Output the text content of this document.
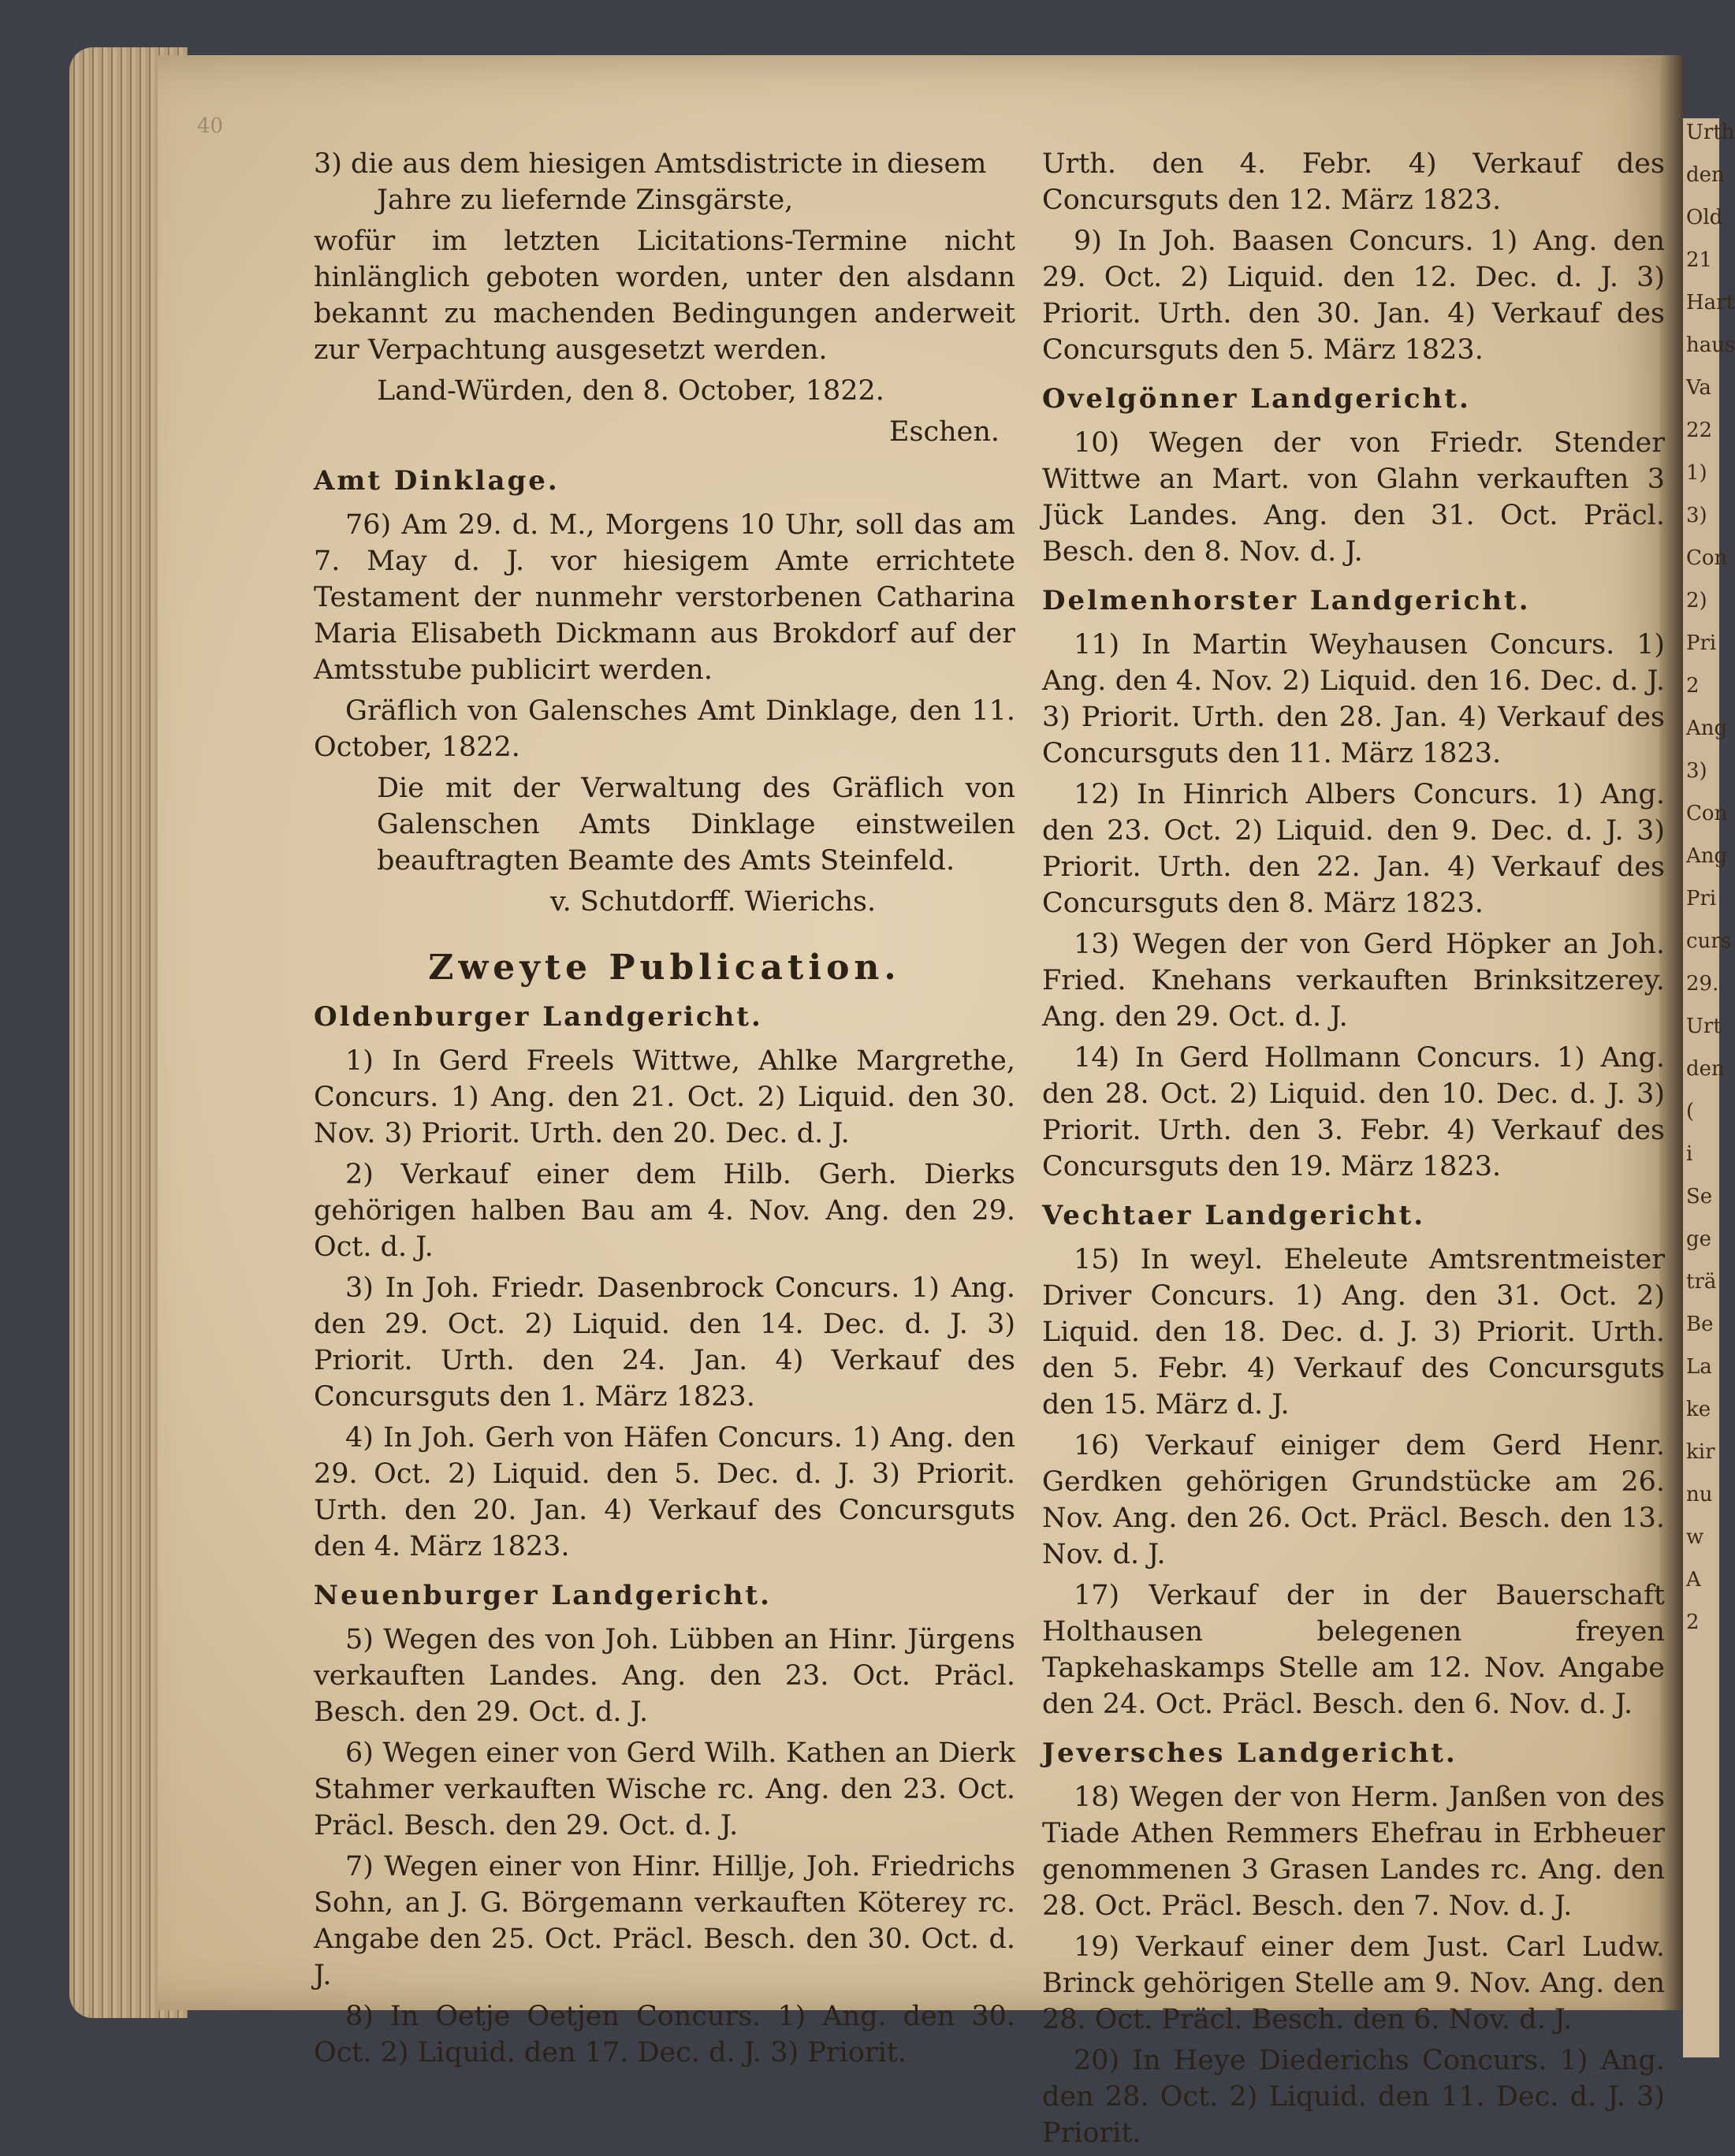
Urth
den
Old
21
Hart
haus
Va
22
1)
3)
Con
2)
Pri
2
Ang
3)
Con
Ang
Pri
curs
29.
Urt
den
(
i
Se
ge
trä
Be
La
ke
kir
nu
w
A
2
40
3) die aus dem hiesigen Amtsdistricte in diesem
Jahre zu liefernde Zinsgärste,
wofür im letzten Licitations-Termine nicht hinlänglich geboten worden, unter den alsdann bekannt zu machenden Bedingungen anderweit zur Verpachtung ausgesetzt werden.
Land-Würden, den 8. October, 1822.
Eschen.
Amt Dinklage.
76) Am 29. d. M., Morgens 10 Uhr, soll das am 7. May d. J. vor hiesigem Amte errichtete Testament der nunmehr verstorbenen Catharina Maria Elisabeth Dickmann aus Brokdorf auf der Amtsstube publicirt werden.
Gräflich von Galensches Amt Dinklage, den 11. October, 1822.
Die mit der Verwaltung des Gräflich von Galenschen Amts Dinklage einstweilen beauftragten Beamte des Amts Steinfeld.
v. Schutdorff. Wierichs.
Zweyte Publication.
Oldenburger Landgericht.
1) In Gerd Freels Wittwe, Ahlke Margrethe, Concurs. 1) Ang. den 21. Oct. 2) Liquid. den 30. Nov. 3) Priorit. Urth. den 20. Dec. d. J.
2) Verkauf einer dem Hilb. Gerh. Dierks gehörigen halben Bau am 4. Nov. Ang. den 29. Oct. d. J.
3) In Joh. Friedr. Dasenbrock Concurs. 1) Ang. den 29. Oct. 2) Liquid. den 14. Dec. d. J. 3) Priorit. Urth. den 24. Jan. 4) Verkauf des Concursguts den 1. März 1823.
4) In Joh. Gerh von Häfen Concurs. 1) Ang. den 29. Oct. 2) Liquid. den 5. Dec. d. J. 3) Priorit. Urth. den 20. Jan. 4) Verkauf des Concursguts den 4. März 1823.
Neuenburger Landgericht.
5) Wegen des von Joh. Lübben an Hinr. Jürgens verkauften Landes. Ang. den 23. Oct. Präcl. Besch. den 29. Oct. d. J.
6) Wegen einer von Gerd Wilh. Kathen an Dierk Stahmer verkauften Wische rc. Ang. den 23. Oct. Präcl. Besch. den 29. Oct. d. J.
7) Wegen einer von Hinr. Hillje, Joh. Friedrichs Sohn, an J. G. Börgemann verkauften Köterey rc. Angabe den 25. Oct. Präcl. Besch. den 30. Oct. d. J.
8) In Oetje Oetjen Concurs. 1) Ang. den 30. Oct. 2) Liquid. den 17. Dec. d. J. 3) Priorit.
Urth. den 4. Febr. 4) Verkauf des Concursguts den 12. März 1823.
9) In Joh. Baasen Concurs. 1) Ang. den 29. Oct. 2) Liquid. den 12. Dec. d. J. 3) Priorit. Urth. den 30. Jan. 4) Verkauf des Concursguts den 5. März 1823.
Ovelgönner Landgericht.
10) Wegen der von Friedr. Stender Wittwe an Mart. von Glahn verkauften 3 Jück Landes. Ang. den 31. Oct. Präcl. Besch. den 8. Nov. d. J.
Delmenhorster Landgericht.
11) In Martin Weyhausen Concurs. 1) Ang. den 4. Nov. 2) Liquid. den 16. Dec. d. J. 3) Priorit. Urth. den 28. Jan. 4) Verkauf des Concursguts den 11. März 1823.
12) In Hinrich Albers Concurs. 1) Ang. den 23. Oct. 2) Liquid. den 9. Dec. d. J. 3) Priorit. Urth. den 22. Jan. 4) Verkauf des Concursguts den 8. März 1823.
13) Wegen der von Gerd Höpker an Joh. Fried. Knehans verkauften Brinksitzerey. Ang. den 29. Oct. d. J.
14) In Gerd Hollmann Concurs. 1) Ang. den 28. Oct. 2) Liquid. den 10. Dec. d. J. 3) Priorit. Urth. den 3. Febr. 4) Verkauf des Concursguts den 19. März 1823.
Vechtaer Landgericht.
15) In weyl. Eheleute Amtsrentmeister Driver Concurs. 1) Ang. den 31. Oct. 2) Liquid. den 18. Dec. d. J. 3) Priorit. Urth. den 5. Febr. 4) Verkauf des Concursguts den 15. März d. J.
16) Verkauf einiger dem Gerd Henr. Gerdken gehörigen Grundstücke am 26. Nov. Ang. den 26. Oct. Präcl. Besch. den 13. Nov. d. J.
17) Verkauf der in der Bauerschaft Holthausen belegenen freyen Tapkehaskamps Stelle am 12. Nov. Angabe den 24. Oct. Präcl. Besch. den 6. Nov. d. J.
Jeversches Landgericht.
18) Wegen der von Herm. Janßen von des Tiade Athen Remmers Ehefrau in Erbheuer genommenen 3 Grasen Landes rc. Ang. den 28. Oct. Präcl. Besch. den 7. Nov. d. J.
19) Verkauf einer dem Just. Carl Ludw. Brinck gehörigen Stelle am 9. Nov. Ang. den 28. Oct. Präcl. Besch. den 6. Nov. d. J.
20) In Heye Diederichs Concurs. 1) Ang. den 28. Oct. 2) Liquid. den 11. Dec. d. J. 3) Priorit.
